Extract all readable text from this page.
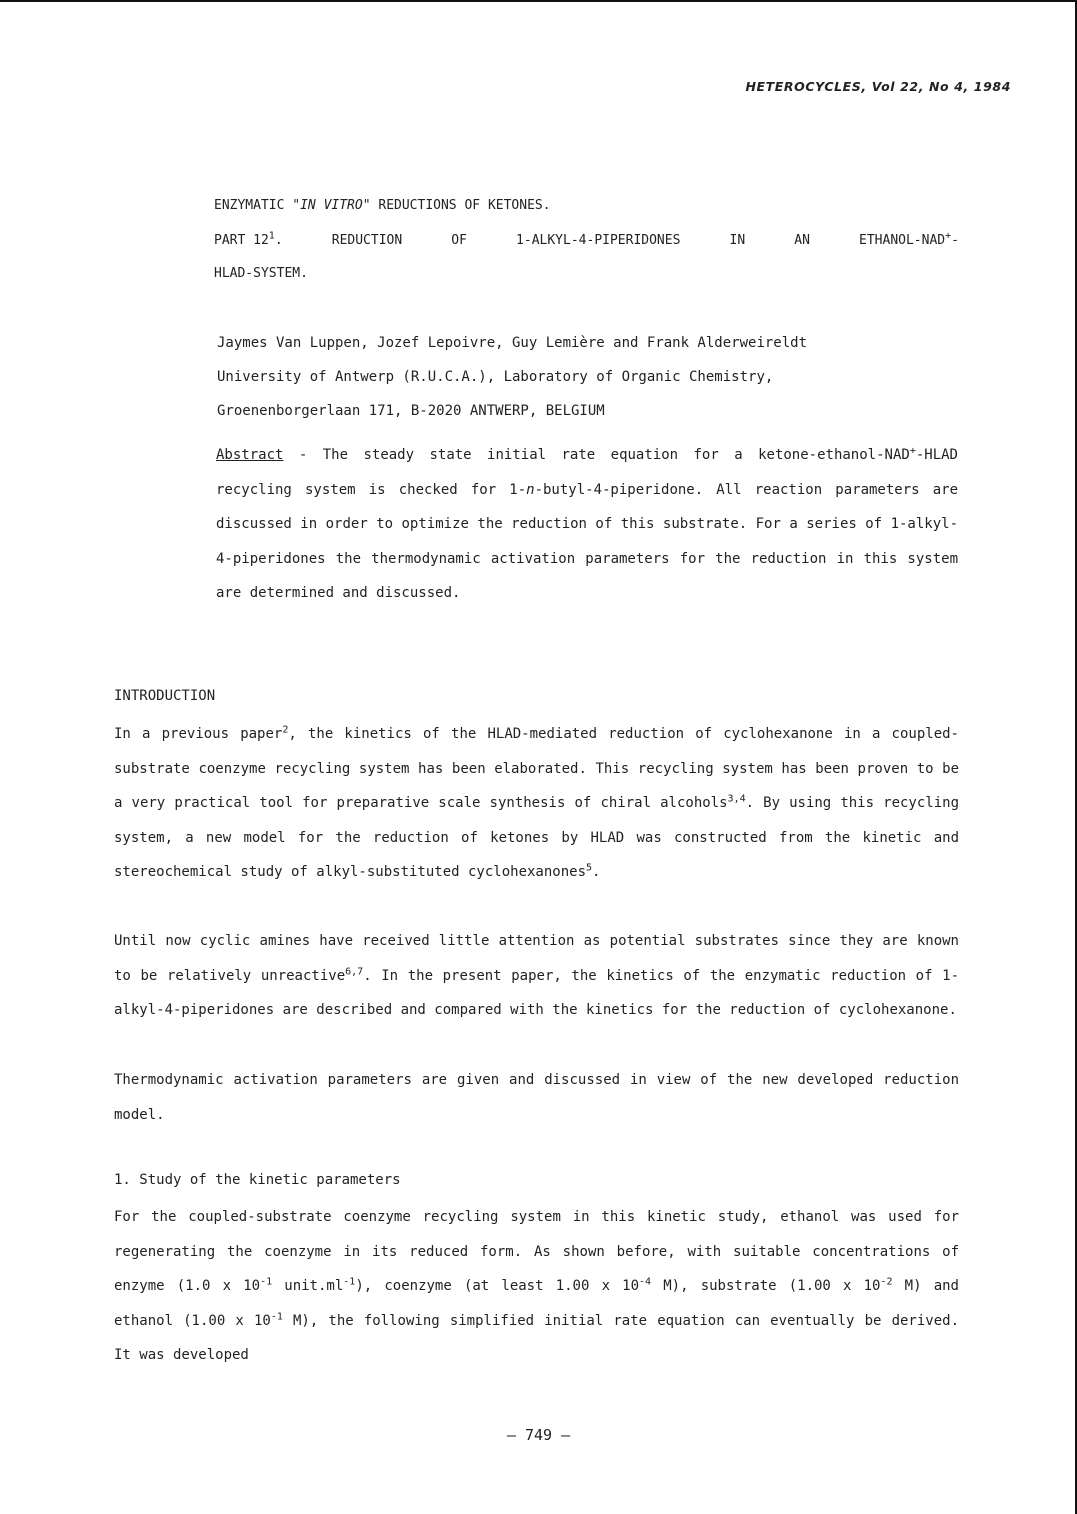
HETEROCYCLES, Vol 22, No 4, 1984
ENZYMATIC "IN VITRO" REDUCTIONS OF KETONES.
PART $12^1$.	REDUCTION	OF	1-ALKYL-4-PIPERIDONES	IN	AN	ETHANOL-NAD+-
HLAD-SYSTEM.
Jaymes Van Luppen, Jozef Lepoivre, Guy Lemière and Frank Alderweireldt
University of Antwerp (R.U.C.A.), Laboratory of Organic Chemistry,
Groenenborgerlaan 171, B-2020 ANTWERP, BELGIUM
Abstract - The steady state initial rate equation for a ketone-ethanol-NAD+-HLAD recycling system is checked for 1-n-butyl-4-piperidone. All reaction parameters are discussed in order to optimize the reduction of this substrate. For a series of 1-alkyl-4-piperidones the thermodynamic activation parameters for the reduction in this system are determined and discussed.
INTRODUCTION
In a previous paper$^2$, the kinetics of the HLAD-mediated reduction of cyclohexanone in a coupled-substrate coenzyme recycling system has been elaborated. This recycling system has been proven to be a very practical tool for preparative scale synthesis of chiral alcohols$^{3,4}$. By using this recycling system, a new model for the reduction of ketones by HLAD was constructed from the kinetic and stereochemical study of alkyl-substituted cyclohexanones$^5$.
Until now cyclic amines have received little attention as potential substrates since they are known to be relatively unreactive$^{6,7}$. In the present paper, the kinetics of the enzymatic reduction of 1-alkyl-4-piperidones are described and compared with the kinetics for the reduction of cyclohexanone.
Thermodynamic activation parameters are given and discussed in view of the new developed reduction model.
1. Study of the kinetic parameters
For the coupled-substrate coenzyme recycling system in this kinetic study, ethanol was used for regenerating the coenzyme in its reduced form. As shown before, with suitable concentrations of enzyme (1.0 x $10^{-1}$ $unit.ml^{-1}$), coenzyme (at least 1.00 x $10^{-4}$ M), substrate (1.00 x $10^{-2}$ M) and ethanol (1.00 x $10^{-1}$ M), the following simplified initial rate equation can eventually be derived. It was developed
— 749 —
